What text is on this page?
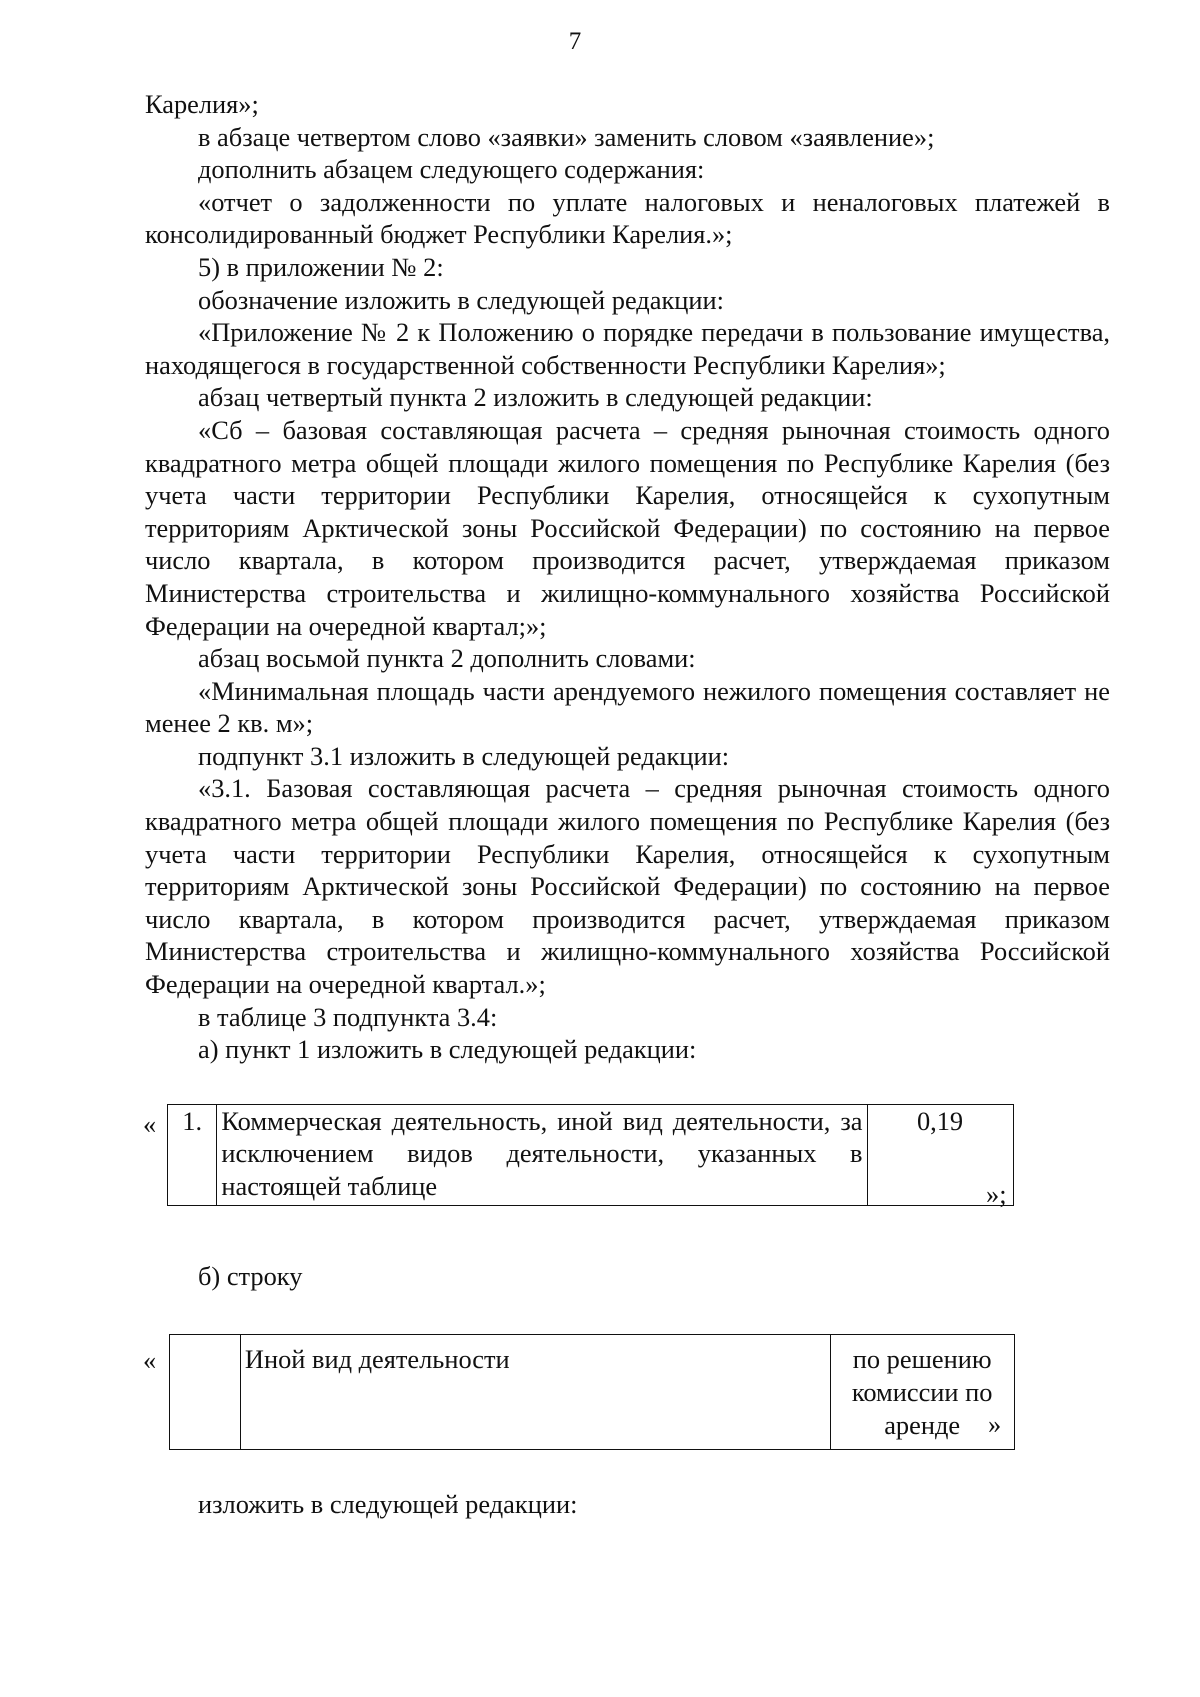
7

Карелия»;

в абзаце четвертом слово «заявки» заменить словом «заявление»;

дополнить абзацем следующего содержания:

«отчет о задолженности по уплате налоговых и неналоговых платежей в консолидированный бюджет Республики Карелия.»;

5) в приложении № 2:

обозначение изложить в следующей редакции:

«Приложение № 2 к Положению о порядке передачи в пользование имущества, находящегося в государственной собственности Республики Карелия»;

абзац четвертый пункта 2 изложить в следующей редакции:

«Сб – базовая составляющая расчета – средняя рыночная стоимость одного квадратного метра общей площади жилого помещения по Республике Карелия (без учета части территории Республики Карелия, относящейся к сухопутным территориям Арктической зоны Российской Федерации) по состоянию на первое число квартала, в котором производится расчет, утверждаемая приказом Министерства строительства и жилищно-коммунального хозяйства Российской Федерации на очередной квартал;»;

абзац восьмой пункта 2 дополнить словами:

«Минимальная площадь части арендуемого нежилого помещения составляет не менее 2 кв. м»;

подпункт 3.1 изложить в следующей редакции:

«3.1. Базовая составляющая расчета – средняя рыночная стоимость одного квадратного метра общей площади жилого помещения по Республике Карелия (без учета части территории Республики Карелия, относящейся к сухопутным территориям Арктической зоны Российской Федерации) по состоянию на первое число квартала, в котором производится расчет, утверждаемая приказом Министерства строительства и жилищно-коммунального хозяйства Российской Федерации на очередной квартал.»;

в таблице 3 подпункта 3.4:

а) пункт 1 изложить в следующей редакции:

« 1.	Коммерческая деятельность, иной вид деятельности, за исключением видов деятельности, указанных в настоящей таблице	0,19	
»;

б) строку

«
		Иной вид деятельности	по решению комиссии по аренде	»

изложить в следующей редакции:
